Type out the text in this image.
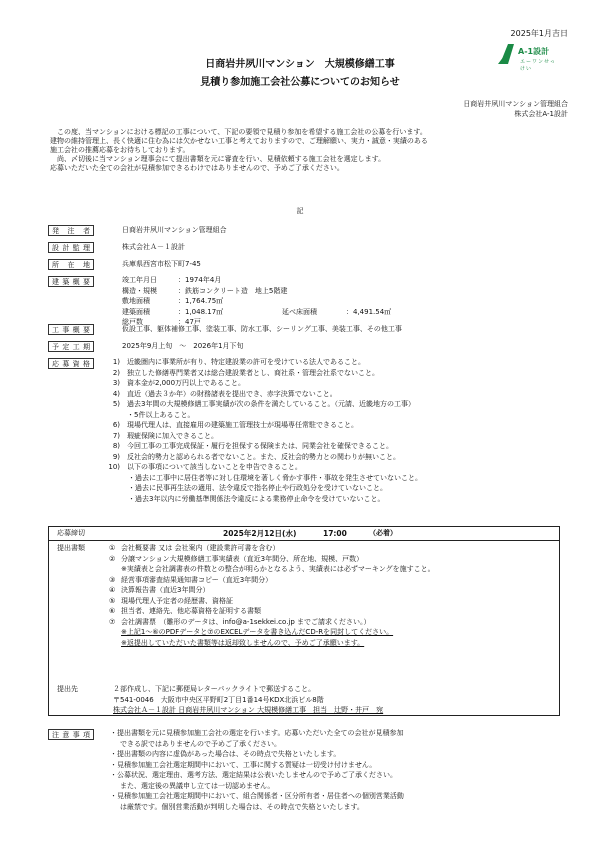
2025年1月吉日
日商岩井夙川マンション　大規模修繕工事
見積り参加施工会社公募についてのお知らせ
A-1設計
エーワンせっけい
日商岩井夙川マンション管理組合
株式会社A-1設計
　この度、当マンションにおける標記の工事について、下記の要領で見積り参加を希望する施工会社の公募を行います。
建物の維持管理上、長く快適に住む為には欠かせない工事と考えておりますので、ご理解願い、実力・誠意・実績のある
施工会社の推薦応募をお待ちしております。
　尚、〆切後に当マンション理事会にて提出書類を元に審査を行い、見積依頼する施工会社を選定します。
応募いただいた全ての会社が見積参加できるわけではありませんので、予めご了承ください。
記
発注者	日商岩井夙川マンション管理組合
設計監理	株式会社Ａ－１設計
所在地	兵庫県西宮市松下町7-45
建築概要	竣工年月日	：1974年4月
構造・規模	：鉄筋コンクリート造　地上5階建
敷地面積	：1,764.75㎡
建築面積	：1,048.17㎡	延べ床面積	：4,491.54㎡
総戸数	：47戸
工事概要	仮設工事、躯体補修工事、塗装工事、防水工事、シーリング工事、美装工事、その他工事
予定工期	2025年9月上旬　～　2026年1月下旬
応募資格	1)　 近畿圏内に事業所が有り、特定建設業の許可を受けている法人であること。
2)　 独立した修繕専門業者又は総合建設業者とし、商社系・管理会社系でないこと。
3)　 資本金が2,000万円以上であること。
4)　 直近（過去３か年）の財務諸表を提出でき、赤字決算でないこと。
5)　 過去3年間の大規模修繕工事実績が次の条件を満たしていること。（元請、近畿地方の工事）
　・5件以上あること。
6)　 現場代理人は、直接雇用の建築施工管理技士が現場専任常駐できること。
7)　 瑕疵保険に加入できること。
8)　 今回工事の工事完成保証・履行を担保する保険または、同業会社を確保できること。
9)　 反社会的勢力と認められる者でないこと。また、反社会的勢力との関わりが無いこと。
10)　 以下の事項について該当しないことを申告できること。
・過去に工事中に居住者等に対し住環境を著しく脅かす事件・事故を発生させていないこと。
・過去に民事再生法の適用、法令違反で指名停止や行政処分を受けていないこと。
・過去3年以内に労働基準関係法令違反による業務停止命令を受けていないこと。
応募締切	2025年2月12日(水)	17:00	（必着）
提出書類	① 会社概要書 又は 会社案内（建設業許可書を含む）
② 分譲マンション大規模修繕工事実績表（直近3年間分、所在地、規模、戸数）
※実績表と会社調書表の件数との整合が明らかとなるよう、実績表には必ずマーキングを施すこと。
③ 経営事項審査結果通知書コピー（直近3年間分）
④ 決算報告書（直近3年間分）
⑤ 現場代理人予定者の経歴書、資格証
⑥ 担当者、連絡先、他応募資格を証明する書類
⑦ 会社調書票　（雛形のデータは、info@a-1sekkei.co.jp までご請求ください。）
※上記1～⑥のPDFデータと⑦のEXCELデータを書き込んだCD-Rを同封してください。
※返提出していただいた書類等は返却致しませんので、予めご了承願います。
提出先	２部作成し、下記に郵便局レターパックライトで郵送すること。
〒541-0046　大阪市中央区平野町2丁目1番14号KDX北浜ビル8階
株式会社Ａ－１設計 日商岩井夙川マンション 大規模修繕工事　担当　辻野・井戸　宛
注意事項	・提出書類を元に見積参加施工会社の選定を行います。応募いただいた全ての会社が見積参加
できる訳ではありませんので予めご了承ください。
・提出書類の内容に虚偽があった場合は、その時点で失格といたします。
・見積参加施工会社選定期間中において、工事に関する質疑は一切受け付けません。
・公募状況、選定理由、選考方法、選定結果は公表いたしませんので予めご了承ください。
また、選定後の異議申し立ては一切認めません。
・見積参加施工会社選定期間中において、組合関係者・区分所有者・居住者への個別営業活動
は厳禁です。個別営業活動が判明した場合は、その時点で失格といたします。
